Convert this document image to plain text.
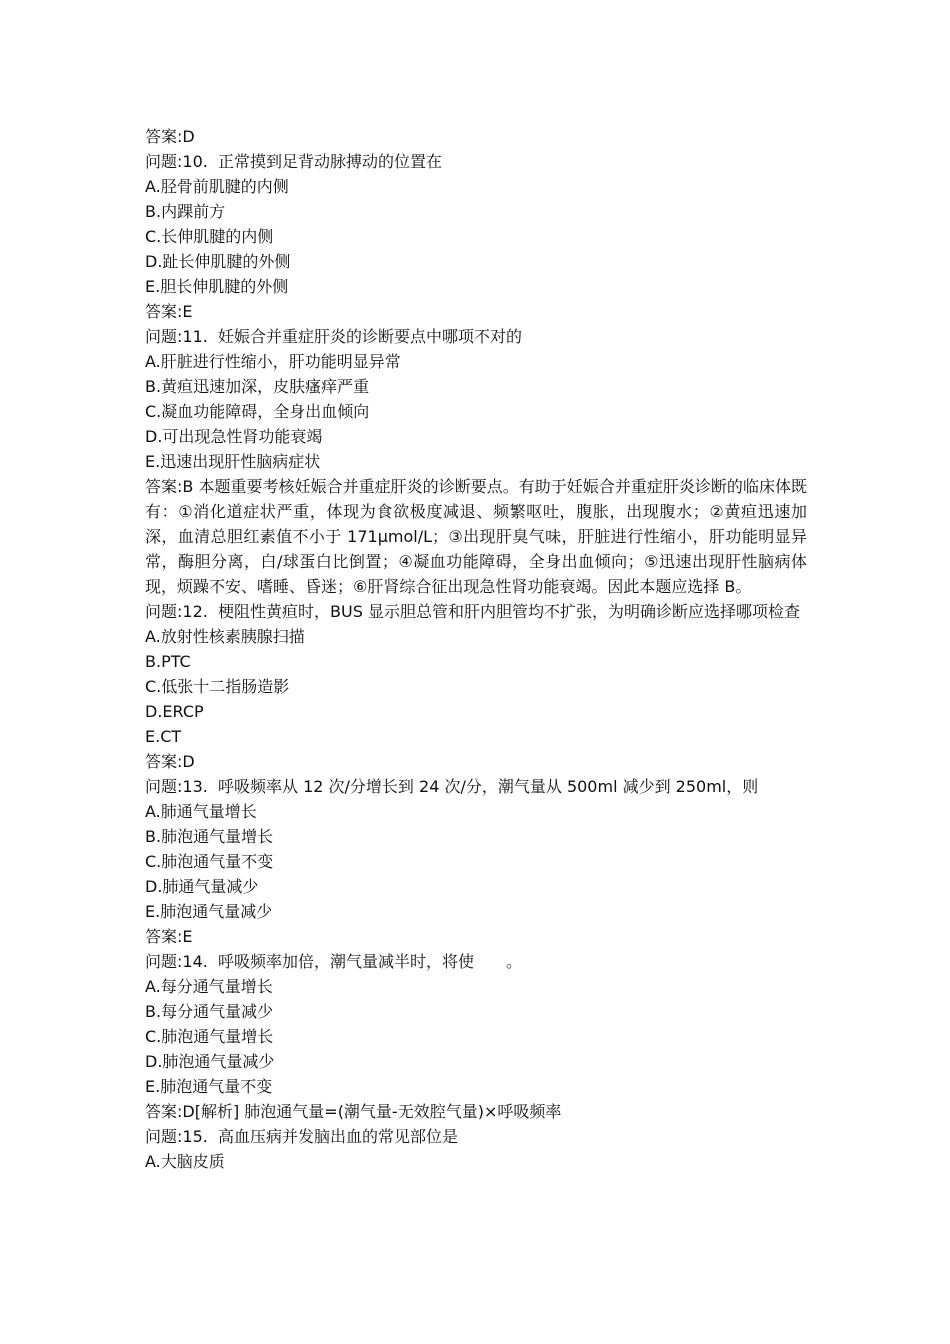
答案:D
问题:10.  正常摸到足背动脉搏动的位置在
A.胫骨前肌腱的内侧
B.内踝前方
C.长伸肌腱的内侧
D.趾长伸肌腱的外侧
E.胆长伸肌腱的外侧
答案:E
问题:11.  妊娠合并重症肝炎的诊断要点中哪项不对的
A.肝脏进行性缩小，肝功能明显异常
B.黄疸迅速加深，皮肤瘙痒严重
C.凝血功能障碍，全身出血倾向
D.可出现急性肾功能衰竭
E.迅速出现肝性脑病症状
答案:B 本题重要考核妊娠合并重症肝炎的诊断要点。有助于妊娠合并重症肝炎诊断的临床体既有：①消化道症状严重，体现为食欲极度减退、频繁呕吐，腹胀，出现腹水；②黄疸迅速加深，血清总胆红素值不小于 171μmol/L；③出现肝臭气味，肝脏进行性缩小，肝功能明显异常，酶胆分离，白/球蛋白比倒置；④凝血功能障碍，全身出血倾向；⑤迅速出现肝性脑病体现，烦躁不安、嗜睡、昏迷；⑥肝肾综合征出现急性肾功能衰竭。因此本题应选择 B。
问题:12.  梗阻性黄疸时，BUS 显示胆总管和肝内胆管均不扩张，为明确诊断应选择哪项检查
A.放射性核素胰腺扫描
B.PTC
C.低张十二指肠造影
D.ERCP
E.CT
答案:D
问题:13.  呼吸频率从 12 次/分增长到 24 次/分，潮气量从 500ml 减少到 250ml，则
A.肺通气量增长
B.肺泡通气量增长
C.肺泡通气量不变
D.肺通气量减少
E.肺泡通气量减少
答案:E
问题:14.  呼吸频率加倍，潮气量减半时，将使　　。
A.每分通气量增长
B.每分通气量减少
C.肺泡通气量增长
D.肺泡通气量减少
E.肺泡通气量不变
答案:D[解析] 肺泡通气量=(潮气量-无效腔气量)×呼吸频率
问题:15.  高血压病并发脑出血的常见部位是
A.大脑皮质
